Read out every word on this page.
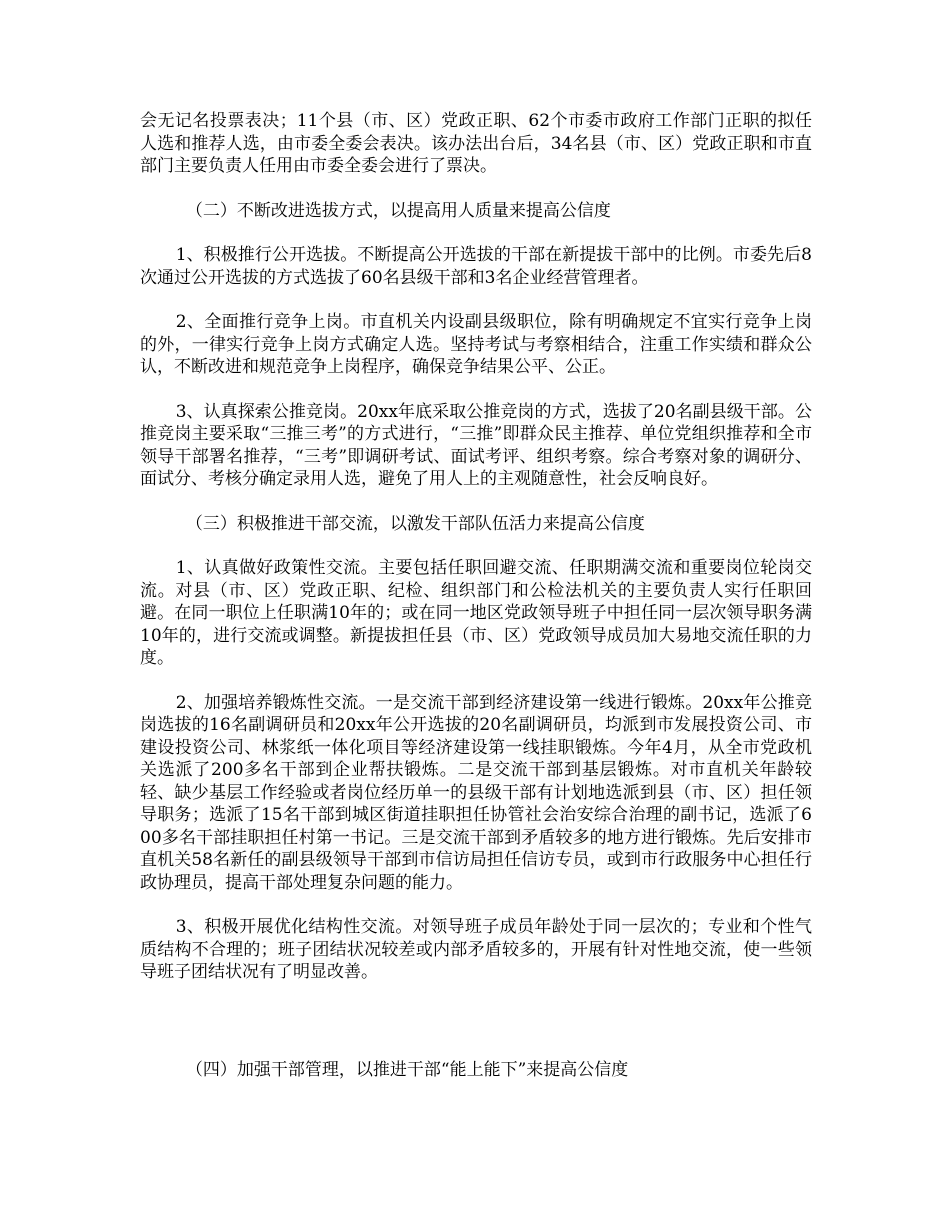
会无记名投票表决；11个县（市、区）党政正职、62个市委市政府工作部门正职的拟任人选和推荐人选，由市委全委会表决。该办法出台后，34名县（市、区）党政正职和市直部门主要负责人任用由市委全委会进行了票决。

（二）不断改进选拔方式，以提高用人质量来提高公信度

1、积极推行公开选拔。不断提高公开选拔的干部在新提拔干部中的比例。市委先后8次通过公开选拔的方式选拔了60名县级干部和3名企业经营管理者。

2、全面推行竞争上岗。市直机关内设副县级职位，除有明确规定不宜实行竞争上岗的外，一律实行竞争上岗方式确定人选。坚持考试与考察相结合，注重工作实绩和群众公认，不断改进和规范竞争上岗程序，确保竞争结果公平、公正。

3、认真探索公推竞岗。20xx年底采取公推竞岗的方式，选拔了20名副县级干部。公推竞岗主要采取“三推三考”的方式进行，“三推”即群众民主推荐、单位党组织推荐和全市领导干部署名推荐，“三考”即调研考试、面试考评、组织考察。综合考察对象的调研分、面试分、考核分确定录用人选，避免了用人上的主观随意性，社会反响良好。

（三）积极推进干部交流，以激发干部队伍活力来提高公信度

1、认真做好政策性交流。主要包括任职回避交流、任职期满交流和重要岗位轮岗交流。对县（市、区）党政正职、纪检、组织部门和公检法机关的主要负责人实行任职回避。在同一职位上任职满10年的；或在同一地区党政领导班子中担任同一层次领导职务满10年的，进行交流或调整。新提拔担任县（市、区）党政领导成员加大易地交流任职的力度。

2、加强培养锻炼性交流。一是交流干部到经济建设第一线进行锻炼。20xx年公推竞岗选拔的16名副调研员和20xx年公开选拔的20名副调研员，均派到市发展投资公司、市建设投资公司、林浆纸一体化项目等经济建设第一线挂职锻炼。今年4月，从全市党政机关选派了200多名干部到企业帮扶锻炼。二是交流干部到基层锻炼。对市直机关年龄较轻、缺少基层工作经验或者岗位经历单一的县级干部有计划地选派到县（市、区）担任领导职务；选派了15名干部到城区街道挂职担任协管社会治安综合治理的副书记，选派了600多名干部挂职担任村第一书记。三是交流干部到矛盾较多的地方进行锻炼。先后安排市直机关58名新任的副县级领导干部到市信访局担任信访专员，或到市行政服务中心担任行政协理员，提高干部处理复杂问题的能力。

3、积极开展优化结构性交流。对领导班子成员年龄处于同一层次的；专业和个性气质结构不合理的；班子团结状况较差或内部矛盾较多的，开展有针对性地交流，使一些领导班子团结状况有了明显改善。

（四）加强干部管理，以推进干部“能上能下”来提高公信度
